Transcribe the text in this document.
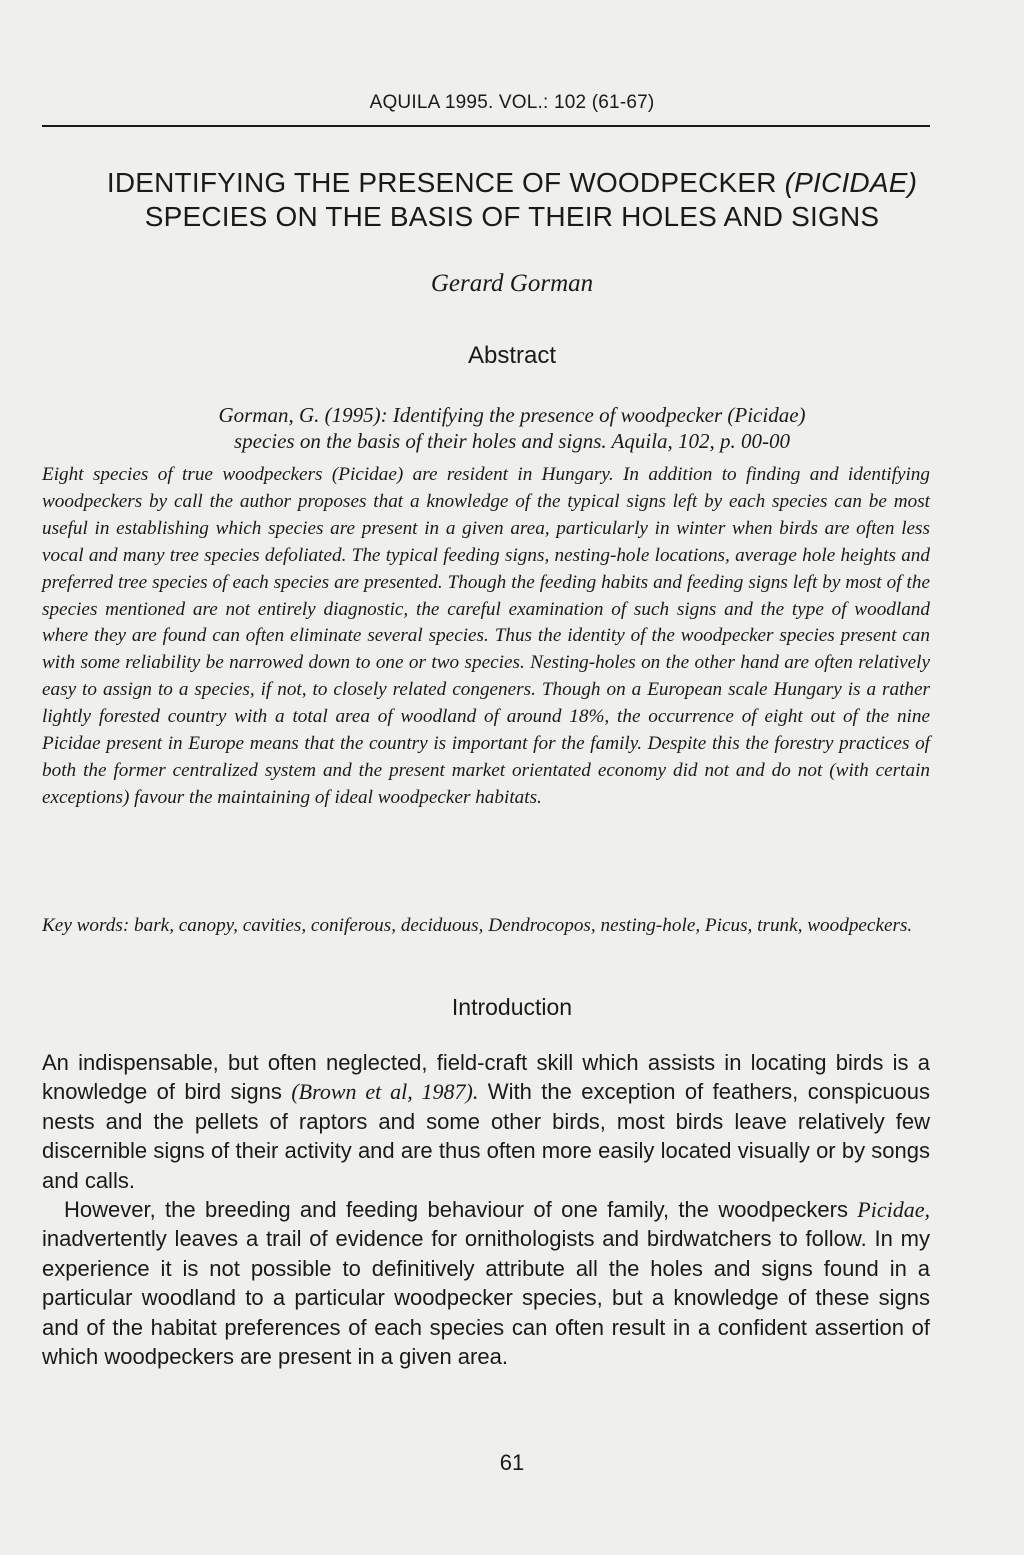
AQUILA 1995. VOL.: 102 (61-67)
IDENTIFYING THE PRESENCE OF WOODPECKER (PICIDAE)
SPECIES ON THE BASIS OF THEIR HOLES AND SIGNS
Gerard Gorman
Abstract
Gorman, G. (1995): Identifying the presence of woodpecker (Picidae)
species on the basis of their holes and signs. Aquila, 102, p. 00-00

Eight species of true woodpeckers (Picidae) are resident in Hungary. In addition to finding and identifying woodpeckers by call the author proposes that a knowledge of the typical signs left by each species can be most useful in establishing which species are present in a given area, particularly in winter when birds are often less vocal and many tree species defoliated. The typical feeding signs, nesting-hole locations, average hole heights and preferred tree species of each species are presented. Though the feeding habits and feeding signs left by most of the species mentioned are not entirely diagnostic, the careful examination of such signs and the type of woodland where they are found can often eliminate several species. Thus the identity of the woodpecker species present can with some reliability be narrowed down to one or two species. Nesting-holes on the other hand are often relatively easy to assign to a species, if not, to closely related congeners. Though on a European scale Hungary is a rather lightly forested country with a total area of woodland of around 18%, the occurrence of eight out of the nine Picidae present in Europe means that the country is important for the family. Despite this the forestry practices of both the former centralized system and the present market orientated economy did not and do not (with certain exceptions) favour the maintaining of ideal woodpecker habitats.

Key words: bark, canopy, cavities, coniferous, deciduous, Dendrocopos, nesting-hole, Picus, trunk, woodpeckers.

Introduction

An indispensable, but often neglected, field-craft skill which assists in locating birds is a knowledge of bird signs (Brown et al, 1987). With the exception of feathers, conspicuous nests and the pellets of raptors and some other birds, most birds leave relatively few discernible signs of their activity and are thus often more easily located visually or by songs and calls.

However, the breeding and feeding behaviour of one family, the woodpeckers Picidae, inadvertently leaves a trail of evidence for ornithologists and birdwatchers to follow. In my experience it is not possible to definitively attribute all the holes and signs found in a particular woodland to a particular woodpecker species, but a knowledge of these signs and of the habitat preferences of each species can often result in a confident assertion of which woodpeckers are present in a given area.

61
